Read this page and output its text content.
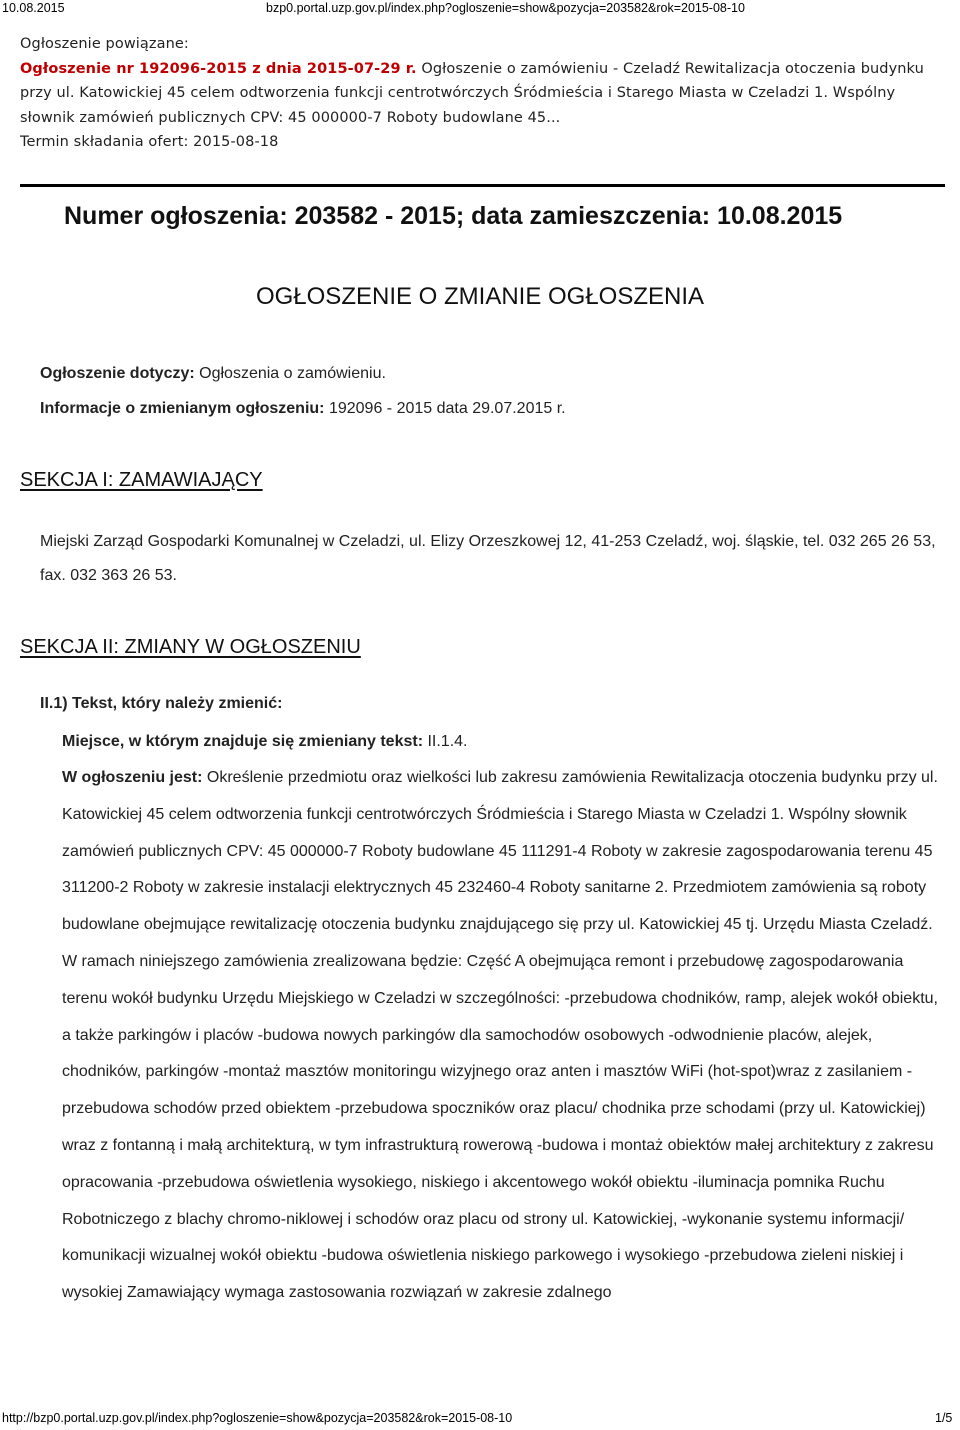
10.08.2015	bzp0.portal.uzp.gov.pl/index.php?ogloszenie=show&pozycja=203582&rok=2015-08-10
Ogłoszenie powiązane:
Ogłoszenie nr 192096-2015 z dnia 2015-07-29 r. Ogłoszenie o zamówieniu - Czeladź Rewitalizacja otoczenia budynku przy ul. Katowickiej 45 celem odtworzenia funkcji centrotwórczych Śródmieścia i Starego Miasta w Czeladzi 1. Wspólny słownik zamówień publicznych CPV: 45 000000-7 Roboty budowlane 45...
Termin składania ofert: 2015-08-18
Numer ogłoszenia: 203582 - 2015; data zamieszczenia: 10.08.2015
OGŁOSZENIE O ZMIANIE OGŁOSZENIA
Ogłoszenie dotyczy: Ogłoszenia o zamówieniu.
Informacje o zmienianym ogłoszeniu: 192096 - 2015 data 29.07.2015 r.
SEKCJA I: ZAMAWIAJĄCY
Miejski Zarząd Gospodarki Komunalnej w Czeladzi, ul. Elizy Orzeszkowej 12, 41-253 Czeladź, woj. śląskie, tel. 032 265 26 53, fax. 032 363 26 53.
SEKCJA II: ZMIANY W OGŁOSZENIU
II.1) Tekst, który należy zmienić:
Miejsce, w którym znajduje się zmieniany tekst: II.1.4.
W ogłoszeniu jest: Określenie przedmiotu oraz wielkości lub zakresu zamówienia Rewitalizacja otoczenia budynku przy ul. Katowickiej 45 celem odtworzenia funkcji centrotwórczych Śródmieścia i Starego Miasta w Czeladzi 1. Wspólny słownik zamówień publicznych CPV: 45 000000-7 Roboty budowlane 45 111291-4 Roboty w zakresie zagospodarowania terenu 45 311200-2 Roboty w zakresie instalacji elektrycznych 45 232460-4 Roboty sanitarne 2. Przedmiotem zamówienia są roboty budowlane obejmujące rewitalizację otoczenia budynku znajdującego się przy ul. Katowickiej 45 tj. Urzędu Miasta Czeladź. W ramach niniejszego zamówienia zrealizowana będzie: Część A obejmująca remont i przebudowę zagospodarowania terenu wokół budynku Urzędu Miejskiego w Czeladzi w szczególności: -przebudowa chodników, ramp, alejek wokół obiektu, a także parkingów i placów -budowa nowych parkingów dla samochodów osobowych -odwodnienie placów, alejek, chodników, parkingów -montaż masztów monitoringu wizyjnego oraz anten i masztów WiFi (hot-spot)wraz z zasilaniem -przebudowa schodów przed obiektem -przebudowa spoczników oraz placu/ chodnika prze schodami (przy ul. Katowickiej) wraz z fontanną i małą architekturą, w tym infrastrukturą rowerową -budowa i montaż obiektów małej architektury z zakresu opracowania -przebudowa oświetlenia wysokiego, niskiego i akcentowego wokół obiektu -iluminacja pomnika Ruchu Robotniczego z blachy chromo-niklowej i schodów oraz placu od strony ul. Katowickiej, -wykonanie systemu informacji/ komunikacji wizualnej wokół obiektu -budowa oświetlenia niskiego parkowego i wysokiego -przebudowa zieleni niskiej i wysokiej Zamawiający wymaga zastosowania rozwiązań w zakresie zdalnego
http://bzp0.portal.uzp.gov.pl/index.php?ogloszenie=show&pozycja=203582&rok=2015-08-10	1/5
